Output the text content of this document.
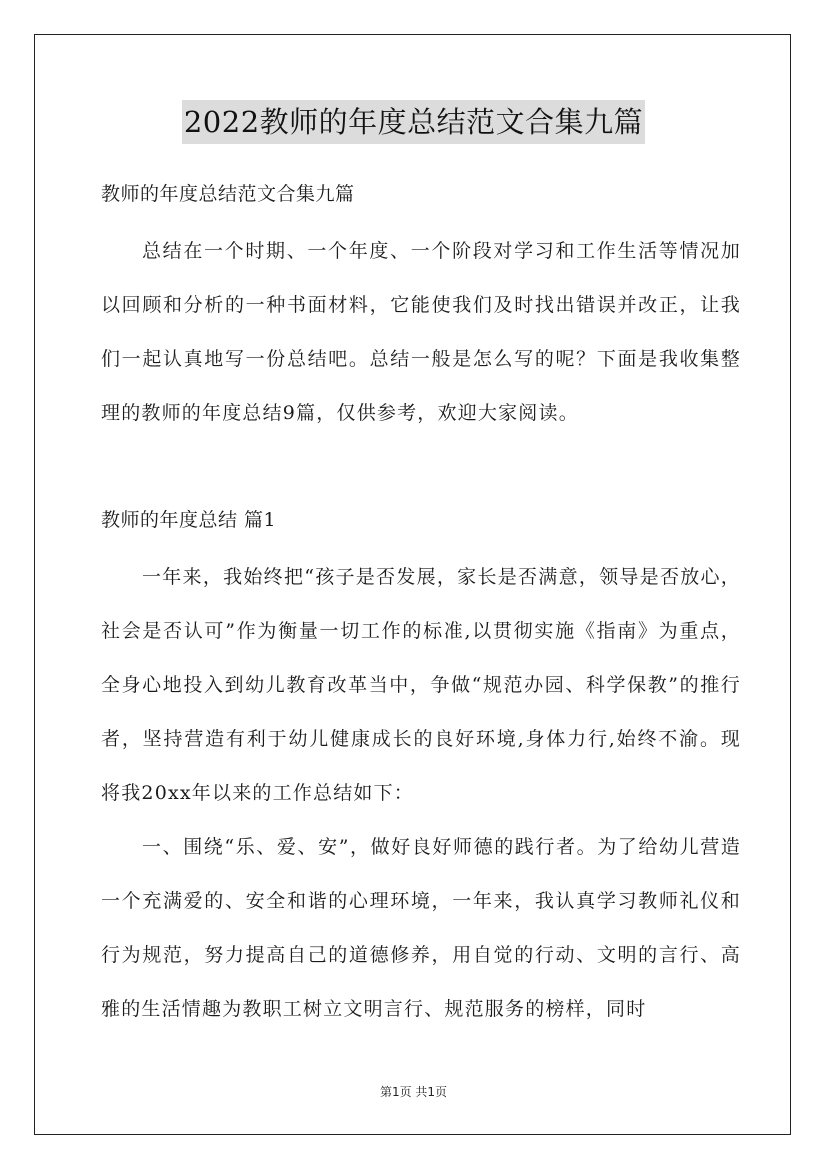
2022教师的年度总结范文合集九篇
教师的年度总结范文合集九篇
总结在一个时期、一个年度、一个阶段对学习和工作生活等情况加以回顾和分析的一种书面材料，它能使我们及时找出错误并改正，让我们一起认真地写一份总结吧。总结一般是怎么写的呢？下面是我收集整理的教师的年度总结9篇，仅供参考，欢迎大家阅读。
教师的年度总结 篇1
一年来，我始终把“孩子是否发展，家长是否满意，领导是否放心，社会是否认可”作为衡量一切工作的标准,以贯彻实施《指南》为重点，全身心地投入到幼儿教育改革当中，争做“规范办园、科学保教”的推行者，坚持营造有利于幼儿健康成长的良好环境,身体力行,始终不渝。现将我20xx年以来的工作总结如下：
一、围绕“乐、爱、安”，做好良好师德的践行者。为了给幼儿营造一个充满爱的、安全和谐的心理环境，一年来，我认真学习教师礼仪和行为规范，努力提高自己的道德修养，用自觉的行动、文明的言行、高雅的生活情趣为教职工树立文明言行、规范服务的榜样，同时
第1页 共1页
